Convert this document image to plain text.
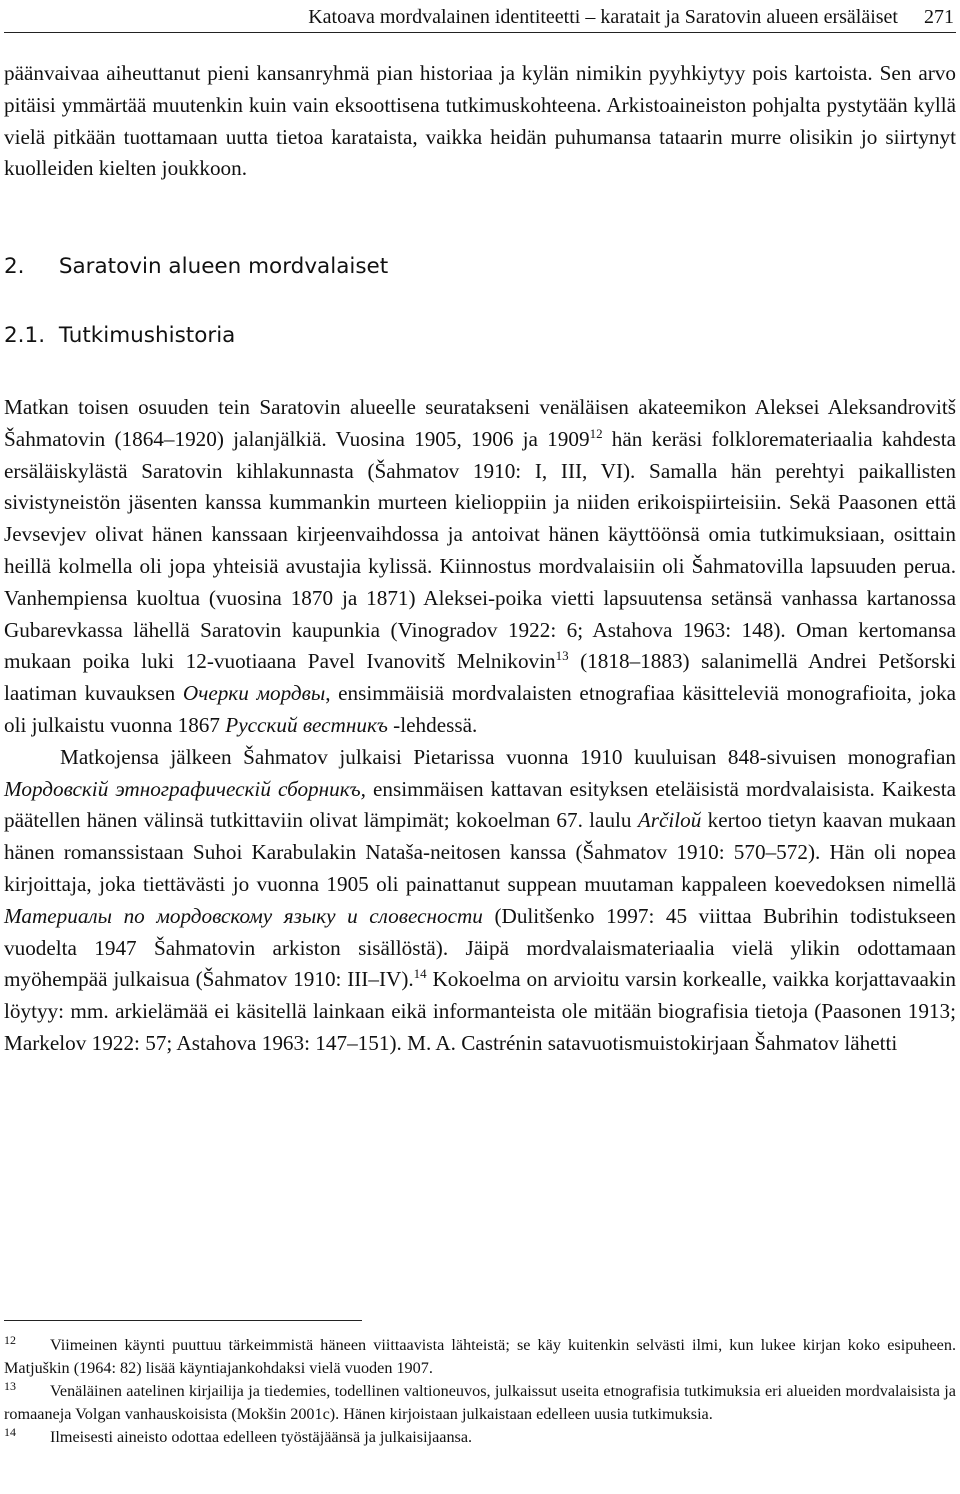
Katoava mordvalainen identiteetti – karatait ja Saratovin alueen ersäläiset 271

päänvaivaa aiheuttanut pieni kansanryhmä pian historiaa ja kylän nimikin pyyhkiytyy pois kartoista. Sen arvo pitäisi ymmärtää muutenkin kuin vain eksoottisena tutkimuskohteena. Arkistoaineiston pohjalta pystytään kyllä vielä pitkään tuottamaan uutta tietoa karataista, vaikka heidän puhumansa tataarin murre olisikin jo siirtynyt kuolleiden kielten joukkoon.

2. Saratovin alueen mordvalaiset
2.1. Tutkimushistoria

Matkan toisen osuuden tein Saratovin alueelle seuratakseni venäläisen akateemikon Aleksei Aleksandrovitš Šahmatovin (1864–1920) jalanjälkiä. Vuosina 1905, 1906 ja 1909$^{12}$ hän keräsi folkloremateriaalia kahdesta ersäläiskylästä Saratovin kihlakunnasta (Šahmatov 1910: I, III, VI). Samalla hän perehtyi paikallisten sivistyneistön jäsenten kanssa kummankin murteen kielioppiin ja niiden erikoispiirteisiin. Sekä Paasonen että Jevsevjev olivat hänen kanssaan kirjeenvaihdossa ja antoivat hänen käyttöönsä omia tutkimuksiaan, osittain heillä kolmella oli jopa yhteisiä avustajia kylissä. Kiinnostus mordvalaisiin oli Šahmatovilla lapsuuden perua. Vanhempiensa kuoltua (vuosina 1870 ja 1871) Aleksei-poika vietti lapsuutensa setänsä vanhassa kartanossa Gubarevkassa lähellä Saratovin kaupunkia (Vinogradov 1922: 6; Astahova 1963: 148). Oman kertomansa mukaan poika luki 12-vuotiaana Pavel Ivanovitš Melnikovin$^{13}$ (1818–1883) salanimellä Andrei Petšorski laatiman kuvauksen Очерки мордвы, ensimmäisiä mordvalaisten etnografiaa käsitteleviä monografioita, joka oli julkaistu vuonna 1867 Русский вестникъ -lehdessä.

Matkojensa jälkeen Šahmatov julkaisi Pietarissa vuonna 1910 kuuluisan 848-sivuisen monografian Мордовскiй этнографическiй сборникъ, ensimmäisen kattavan esityksen eteläisistä mordvalaisista. Kaikesta päätellen hänen välinsä tutkittaviin olivat lämpimät; kokoelman 67. laulu Arčiloй kertoo tietyn kaavan mukaan hänen romanssistaan Suhoi Karabulakin Nataša-neitosen kanssa (Šahmatov 1910: 570–572). Hän oli nopea kirjoittaja, joka tiettävästi jo vuonna 1905 oli painattanut suppean muutaman kappaleen koevedoksen nimellä Материалы по мордовскому языку и словесности (Dulitšenko 1997: 45 viittaa Bubrihin todistukseen vuodelta 1947 Šahmatovin arkiston sisällöstä). Jäipä mordvalaismateriaalia vielä ylikin odottamaan myöhempää julkaisua (Šahmatov 1910: III–IV).$^{14}$ Kokoelma on arvioitu varsin korkealle, vaikka korjattavaakin löytyy: mm. arkielämää ei käsitellä lainkaan eikä informanteista ole mitään biografisia tietoja (Paasonen 1913; Markelov 1922: 57; Astahova 1963: 147–151). M. A. Castrénin satavuotismuistokirjaan Šahmatov lähetti

12 Viimeinen käynti puuttuu tärkeimmistä häneen viittaavista lähteistä; se käy kuitenkin selvästi ilmi, kun lukee kirjan koko esipuheen. Matjuškin (1964: 82) lisää käyntiajankohdaksi vielä vuoden 1907.

13 Venäläinen aatelinen kirjailija ja tiedemies, todellinen valtioneuvos, julkaissut useita etnografisia tutkimuksia eri alueiden mordvalaisista ja romaaneja Volgan vanhauskoisista (Mokšin 2001c). Hänen kirjoistaan julkaistaan edelleen uusia tutkimuksia.

14 Ilmeisesti aineisto odottaa edelleen työstäjäänsä ja julkaisijaansa.
